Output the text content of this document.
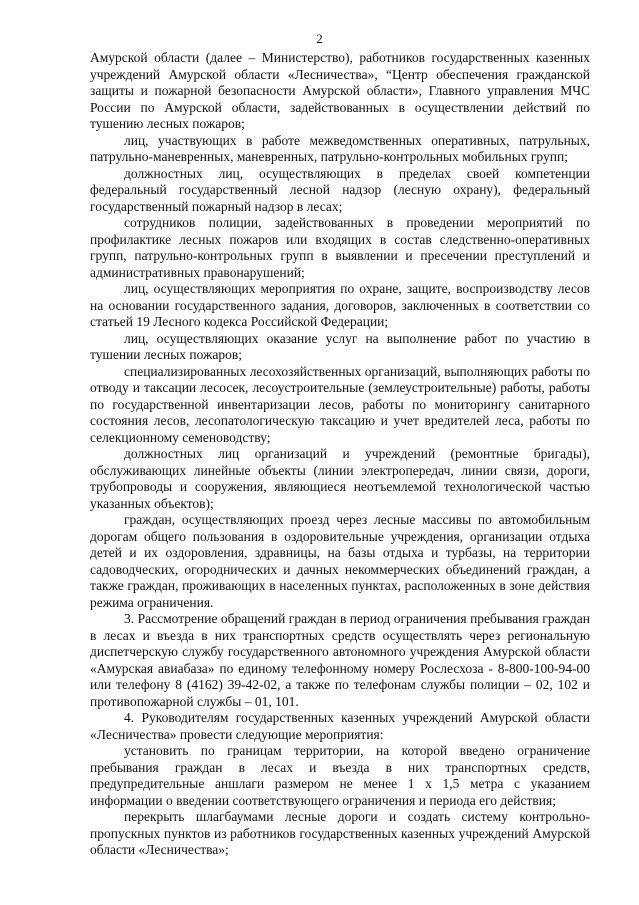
2

Амурской области (далее – Министерство), работников государственных казенных учреждений Амурской области «Лесничества», “Центр обеспечения гражданской защиты и пожарной безопасности Амурской области», Главного управления МЧС России по Амурской области, задействованных в осуществлении действий по тушению лесных пожаров;

лиц, участвующих в работе межведомственных оперативных, патрульных, патрульно-маневренных, маневренных, патрульно-контрольных мобильных групп;

должностных лиц, осуществляющих в пределах своей компетенции федеральный государственный лесной надзор (лесную охрану), федеральный государственный пожарный надзор в лесах;

сотрудников полиции, задействованных в проведении мероприятий по профилактике лесных пожаров или входящих в состав следственно-оперативных групп, патрульно-контрольных групп в выявлении и пресечении преступлений и административных правонарушений;

лиц, осуществляющих мероприятия по охране, защите, воспроизводству лесов на основании государственного задания, договоров, заключенных в соответствии со статьей 19 Лесного кодекса Российской Федерации;

лиц, осуществляющих оказание услуг на выполнение работ по участию в тушении лесных пожаров;

специализированных лесохозяйственных организаций, выполняющих работы по отводу и таксации лесосек, лесоустроительные (землеустроительные) работы, работы по государственной инвентаризации лесов, работы по мониторингу санитарного состояния лесов, лесопатологическую таксацию и учет вредителей леса, работы по селекционному семеноводству;

должностных лиц организаций и учреждений (ремонтные бригады), обслуживающих линейные объекты (линии электропередач, линии связи, дороги, трубопроводы и сооружения, являющиеся неотъемлемой технологической частью указанных объектов);

граждан, осуществляющих проезд через лесные массивы по автомобильным дорогам общего пользования в оздоровительные учреждения, организации отдыха детей и их оздоровления, здравницы, на базы отдыха и турбазы, на территории садоводческих, огороднических и дачных некоммерческих объединений граждан, а также граждан, проживающих в населенных пунктах, расположенных в зоне действия режима ограничения.

3. Рассмотрение обращений граждан в период ограничения пребывания граждан в лесах и въезда в них транспортных средств осуществлять через региональную диспетчерскую службу государственного автономного учреждения Амурской области «Амурская авиабаза» по единому телефонному номеру Рослесхоза - 8-800-100-94-00 или телефону 8 (4162) 39-42-02, а также по телефонам службы полиции – 02, 102 и противопожарной службы – 01, 101.

4. Руководителям государственных казенных учреждений Амурской области «Лесничества» провести следующие мероприятия:

установить по границам территории, на которой введено ограничение пребывания граждан в лесах и въезда в них транспортных средств, предупредительные аншлаги размером не менее 1 х 1,5 метра с указанием информации о введении соответствующего ограничения и периода его действия;

перекрыть шлагбаумами лесные дороги и создать систему контрольно-пропускных пунктов из работников государственных казенных учреждений Амурской области «Лесничества»;
